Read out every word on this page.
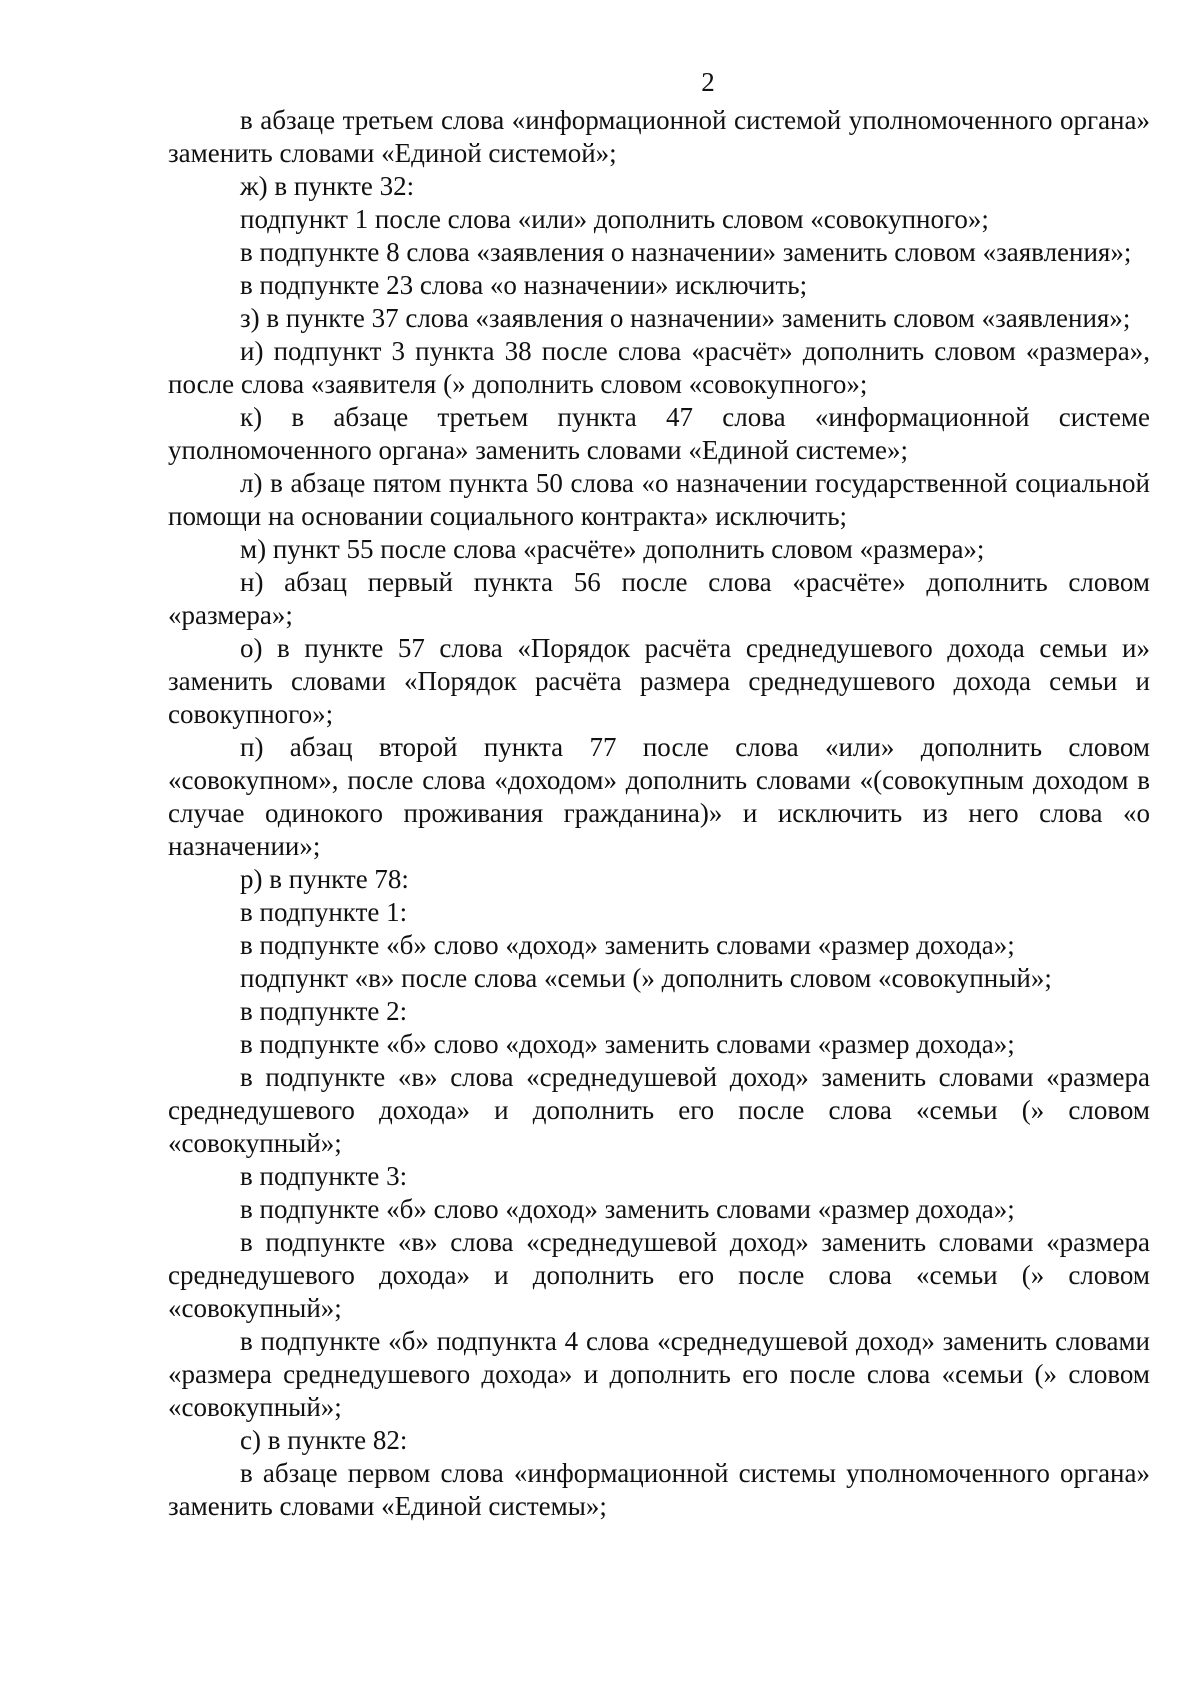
2

в абзаце третьем слова «информационной системой уполномоченного органа» заменить словами «Единой системой»;

ж) в пункте 32:

подпункт 1 после слова «или» дополнить словом «совокупного»;

в подпункте 8 слова «заявления о назначении» заменить словом «заявления»;

в подпункте 23 слова «о назначении» исключить;

з) в пункте 37 слова «заявления о назначении» заменить словом «заявления»;

и) подпункт 3 пункта 38 после слова «расчёт» дополнить словом «размера», после слова «заявителя (» дополнить словом «совокупного»;

к) в абзаце третьем пункта 47 слова «информационной системе уполномоченного органа» заменить словами «Единой системе»;

л) в абзаце пятом пункта 50 слова «о назначении государственной социальной помощи на основании социального контракта» исключить;

м) пункт 55 после слова «расчёте» дополнить словом «размера»;

н) абзац первый пункта 56 после слова «расчёте» дополнить словом «размера»;

о) в пункте 57 слова «Порядок расчёта среднедушевого дохода семьи и» заменить словами «Порядок расчёта размера среднедушевого дохода семьи и совокупного»;

п) абзац второй пункта 77 после слова «или» дополнить словом «совокупном», после слова «доходом» дополнить словами «(совокупным доходом в случае одинокого проживания гражданина)» и исключить из него слова «о назначении»;

р) в пункте 78:

в подпункте 1:

в подпункте «б» слово «доход» заменить словами «размер дохода»;

подпункт «в» после слова «семьи (» дополнить словом «совокупный»;

в подпункте 2:

в подпункте «б» слово «доход» заменить словами «размер дохода»;

в подпункте «в» слова «среднедушевой доход» заменить словами «размера среднедушевого дохода» и дополнить его после слова «семьи (» словом «совокупный»;

в подпункте 3:

в подпункте «б» слово «доход» заменить словами «размер дохода»;

в подпункте «в» слова «среднедушевой доход» заменить словами «размера среднедушевого дохода» и дополнить его после слова «семьи (» словом «совокупный»;

в подпункте «б» подпункта 4 слова «среднедушевой доход» заменить словами «размера среднедушевого дохода» и дополнить его после слова «семьи (» словом «совокупный»;

с) в пункте 82:

в абзаце первом слова «информационной системы уполномоченного органа» заменить словами «Единой системы»;
